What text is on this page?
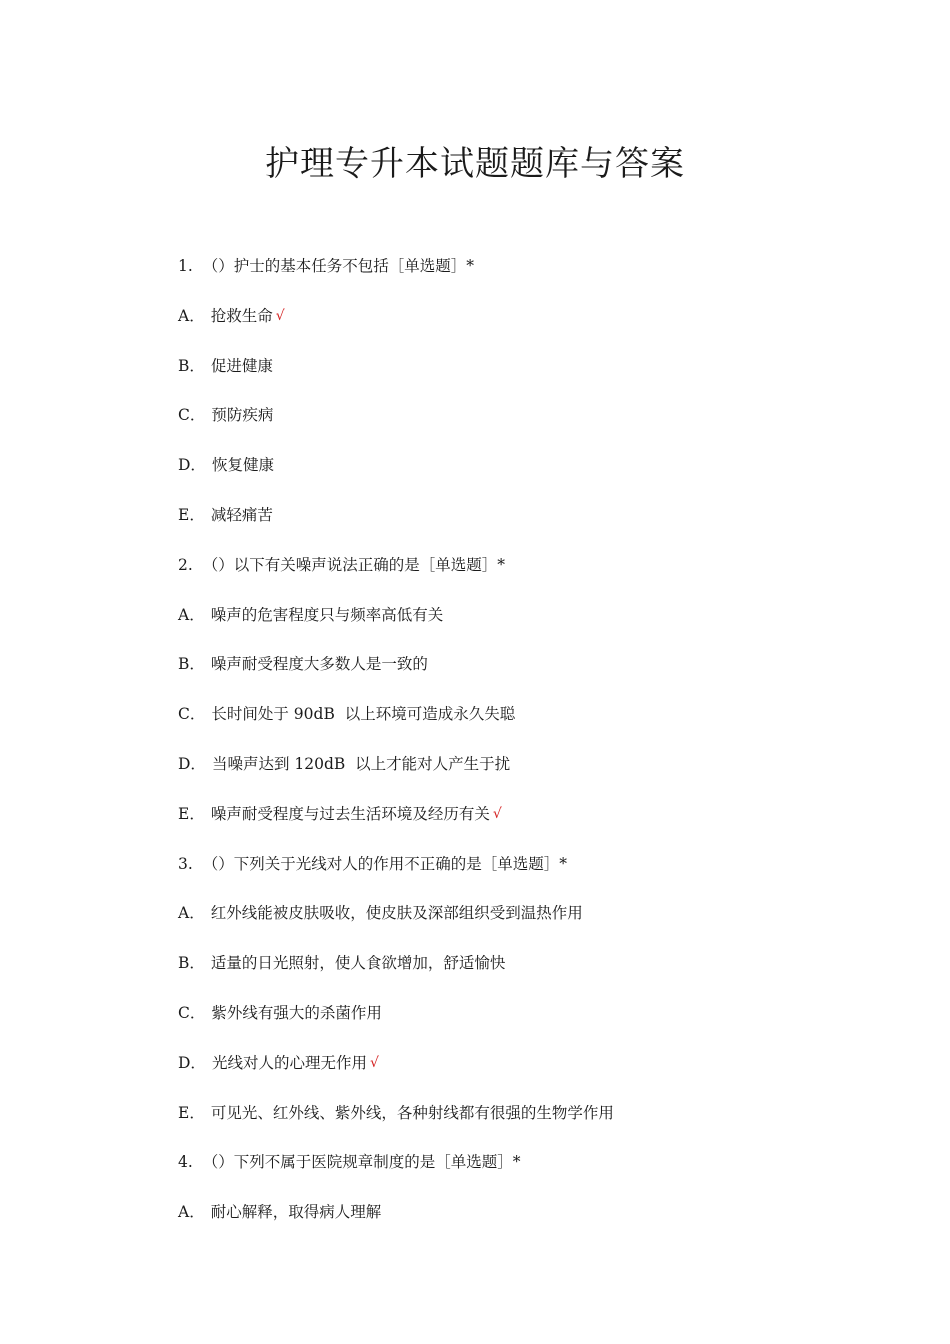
护理专升本试题题库与答案
1. （）护士的基本任务不包括［单选题］*
A． 抢救生命 √
B． 促进健康
C． 预防疾病
D． 恢复健康
E． 减轻痛苦
2. （）以下有关噪声说法正确的是［单选题］*
A． 噪声的危害程度只与频率高低有关
B． 噪声耐受程度大多数人是一致的
C． 长时间处于 90dB  以上环境可造成永久失聪
D． 当噪声达到 120dB  以上才能对人产生于扰
E． 噪声耐受程度与过去生活环境及经历有关 √
3. （）下列关于光线对人的作用不正确的是［单选题］*
A． 红外线能被皮肤吸收，使皮肤及深部组织受到温热作用
B． 适量的日光照射，使人食欲增加，舒适愉快
C． 紫外线有强大的杀菌作用
D． 光线对人的心理无作用 √
E． 可见光、红外线、紫外线，各种射线都有很强的生物学作用
4. （）下列不属于医院规章制度的是［单选题］*
A． 耐心解释，取得病人理解
